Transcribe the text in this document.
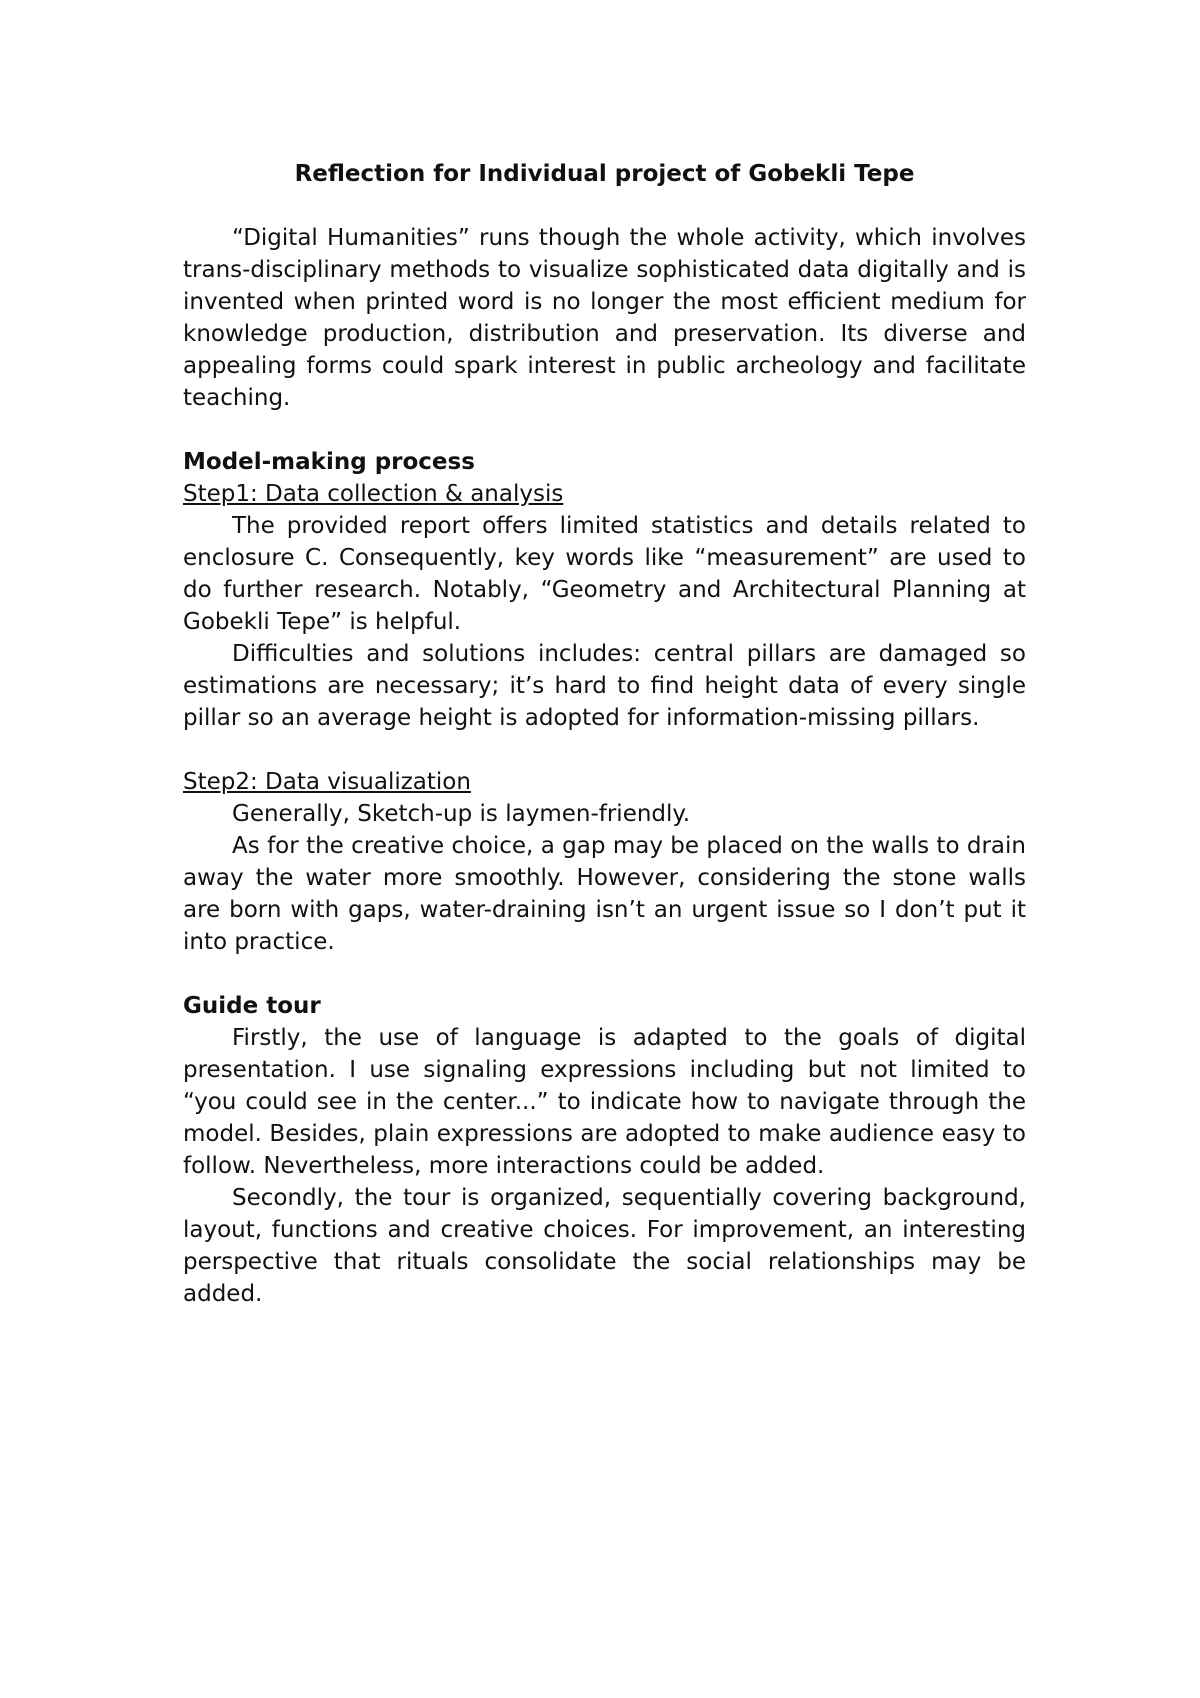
Reflection for Individual project of Gobekli Tepe

“Digital Humanities” runs though the whole activity, which involves trans-disciplinary methods to visualize sophisticated data digitally and is invented when printed word is no longer the most efficient medium for knowledge production, distribution and preservation. Its diverse and appealing forms could spark interest in public archeology and facilitate teaching.

Model-making process

Step1: Data collection & analysis

The provided report offers limited statistics and details related to enclosure C. Consequently, key words like “measurement” are used to do further research. Notably, “Geometry and Architectural Planning at Gobekli Tepe” is helpful.

Difficulties and solutions includes: central pillars are damaged so estimations are necessary; it’s hard to find height data of every single pillar so an average height is adopted for information-missing pillars.

Step2: Data visualization

Generally, Sketch-up is laymen-friendly.

As for the creative choice, a gap may be placed on the walls to drain away the water more smoothly. However, considering the stone walls are born with gaps, water-draining isn’t an urgent issue so I don’t put it into practice.

Guide tour

Firstly, the use of language is adapted to the goals of digital presentation. I use signaling expressions including but not limited to “you could see in the center...” to indicate how to navigate through the model. Besides, plain expressions are adopted to make audience easy to follow. Nevertheless, more interactions could be added.

Secondly, the tour is organized, sequentially covering background, layout, functions and creative choices. For improvement, an interesting perspective that rituals consolidate the social relationships may be added.
